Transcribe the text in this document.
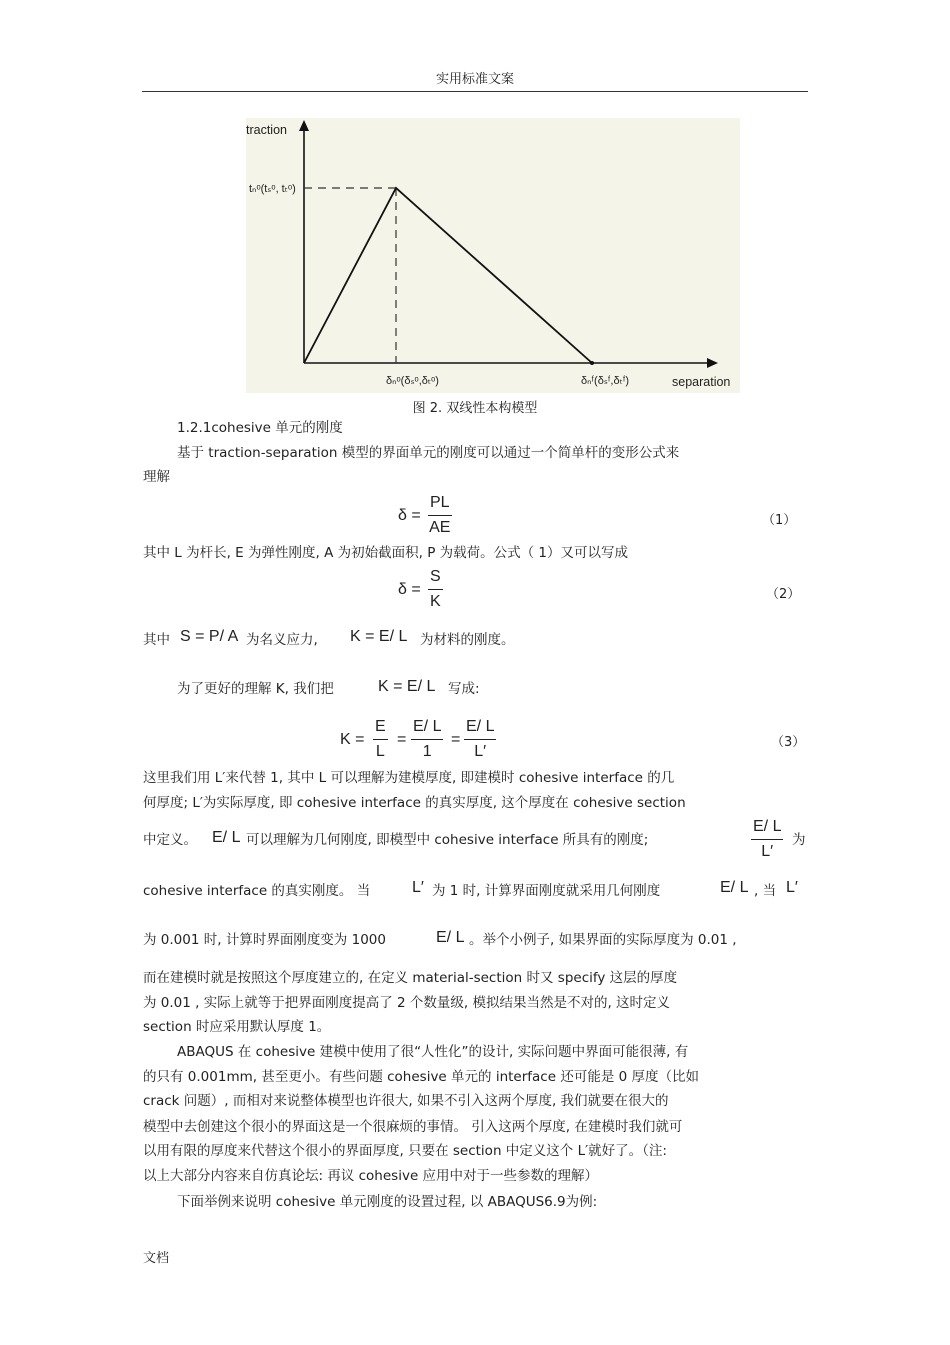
实用标准文案
traction
tₙᵒ(tₛᵒ, tₜᵒ)
δₙᵒ(δₛᵒ,δₜᵒ)	δₙᶠ(δₛᶠ,δₜᶠ)	separation
图 2. 双线性本构模型
1.2.1cohesive 单元的刚度
基于 traction-separation 模型的界面单元的刚度可以通过一个简单杆的变形公式来
理解
$\delta = \frac{PL}{AE}$	（1）
其中 L 为杆长, E 为弹性刚度, A 为初始截面积, P 为载荷。公式（ 1）又可以写成
$\delta = \frac{S}{K}$	（2）
其中 S = P/ A 为名义应力, K = E/ L 为材料的刚度。
为了更好的理解 K, 我们把	K = E/ L 写成:
$K = \frac{E}{L} = \frac{E/ L}{1} = \frac{E/ L}{L'}$	（3）
这里我们用 L′来代替 1, 其中 L 可以理解为建模厚度, 即建模时 cohesive interface 的几
何厚度; L′为实际厚度, 即 cohesive interface 的真实厚度, 这个厚度在 cohesive section
中定义。 E/ L 可以理解为几何刚度, 即模型中 cohesive interface 所具有的刚度;	$\frac{E/ L}{L'}$ 为
cohesive interface 的真实刚度。 当	L′ 为 1 时, 计算界面刚度就采用几何刚度	E/ L , 当 L′
为 0.001 时, 计算时界面刚度变为 1000	E/ L 。举个小例子, 如果界面的实际厚度为 0.01 ,
而在建模时就是按照这个厚度建立的, 在定义 material-section 时又 specify 这层的厚度
为 0.01 , 实际上就等于把界面刚度提高了 2 个数量级, 模拟结果当然是不对的, 这时定义
section 时应采用默认厚度 1。
ABAQUS 在 cohesive 建模中使用了很“人性化”的设计, 实际问题中界面可能很薄, 有
的只有 0.001mm, 甚至更小。有些问题 cohesive 单元的 interface 还可能是 0 厚度（比如
crack 问题）, 而相对来说整体模型也许很大, 如果不引入这两个厚度, 我们就要在很大的
模型中去创建这个很小的界面这是一个很麻烦的事情。 引入这两个厚度, 在建模时我们就可
以用有限的厚度来代替这个很小的界面厚度, 只要在 section 中定义这个 L′就好了。（注:
以上大部分内容来自仿真论坛: 再议 cohesive 应用中对于一些参数的理解）
下面举例来说明 cohesive 单元刚度的设置过程, 以 ABAQUS6.9为例:
文档
